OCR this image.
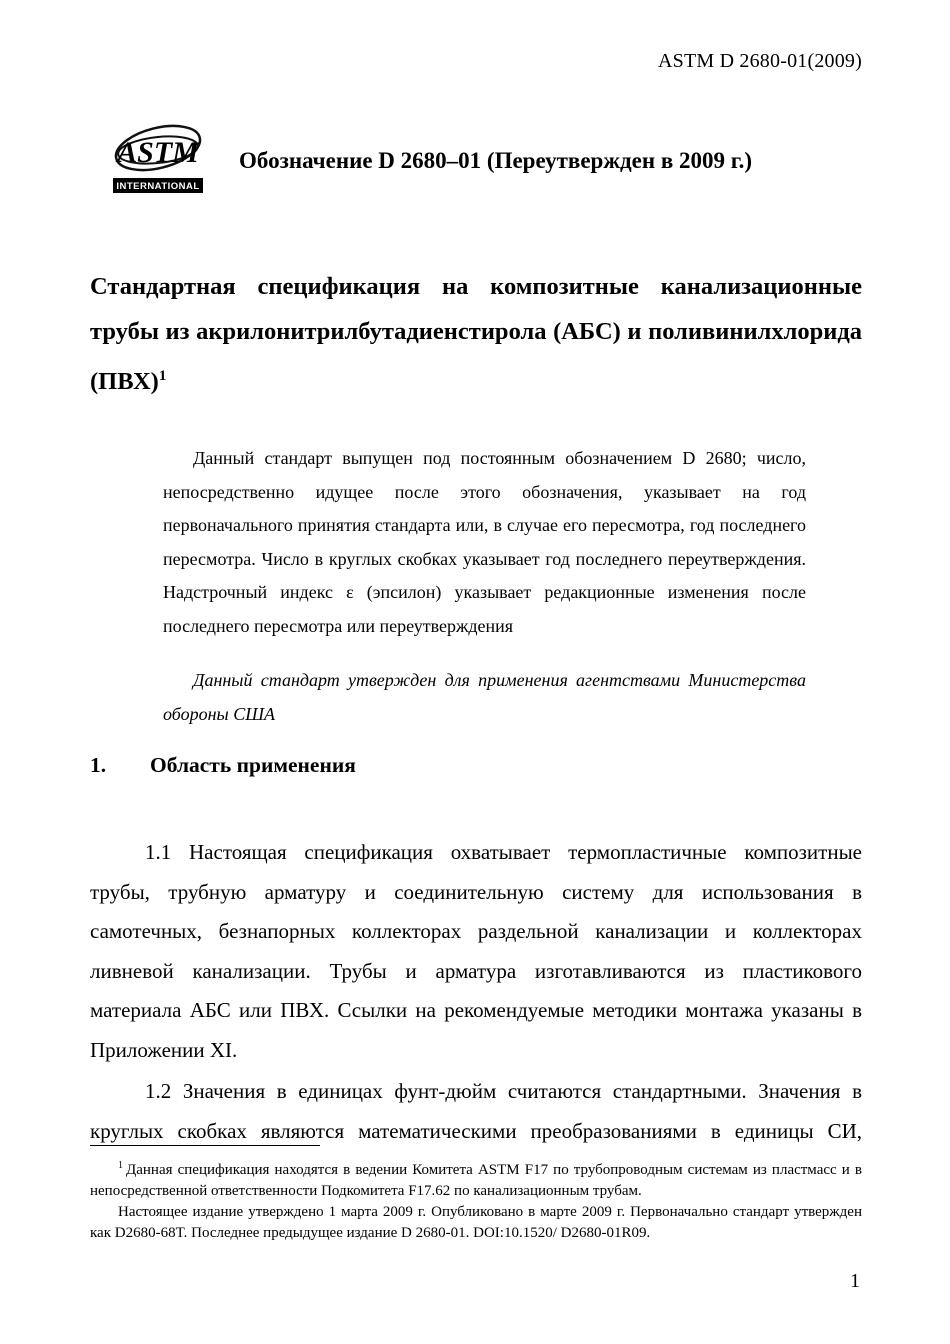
ASTM D 2680-01(2009)
ASTM
INTERNATIONAL
Обозначение D 2680–01 (Переутвержден в 2009 г.)
Стандартная спецификация на композитные канализационные трубы из акрилонитрилбутадиенстирола (АБС) и поливинилхлорида (ПВХ)$^1$

Данный стандарт выпущен под постоянным обозначением D 2680; число, непосредственно идущее после этого обозначения, указывает на год первоначального принятия стандарта или, в случае его пересмотра, год последнего пересмотра. Число в круглых скобках указывает год последнего переутверждения. Надстрочный индекс ε (эпсилон) указывает редакционные изменения после последнего пересмотра или переутверждения

Данный стандарт утвержден для применения агентствами Министерства обороны США

1. Область применения

1.1 Настоящая спецификация охватывает термопластичные композитные трубы, трубную арматуру и соединительную систему для использования в самотечных, безнапорных коллекторах раздельной канализации и коллекторах ливневой канализации. Трубы и арматура изготавливаются из пластикового материала АБС или ПВХ. Ссылки на рекомендуемые методики монтажа указаны в Приложении XI.

1.2 Значения в единицах фунт-дюйм считаются стандартными. Значения в круглых скобках являются математическими преобразованиями в единицы СИ,

$^1$ Данная спецификация находятся в ведении Комитета ASTM F17 по трубопроводным системам из пластмасс и в непосредственной ответственности Подкомитета F17.62 по канализационным трубам.

Настоящее издание утверждено 1 марта 2009 г. Опубликовано в марте 2009 г. Первоначально стандарт утвержден как D2680-68T. Последнее предыдущее издание D 2680-01. DOI:10.1520/ D2680-01R09.

1
